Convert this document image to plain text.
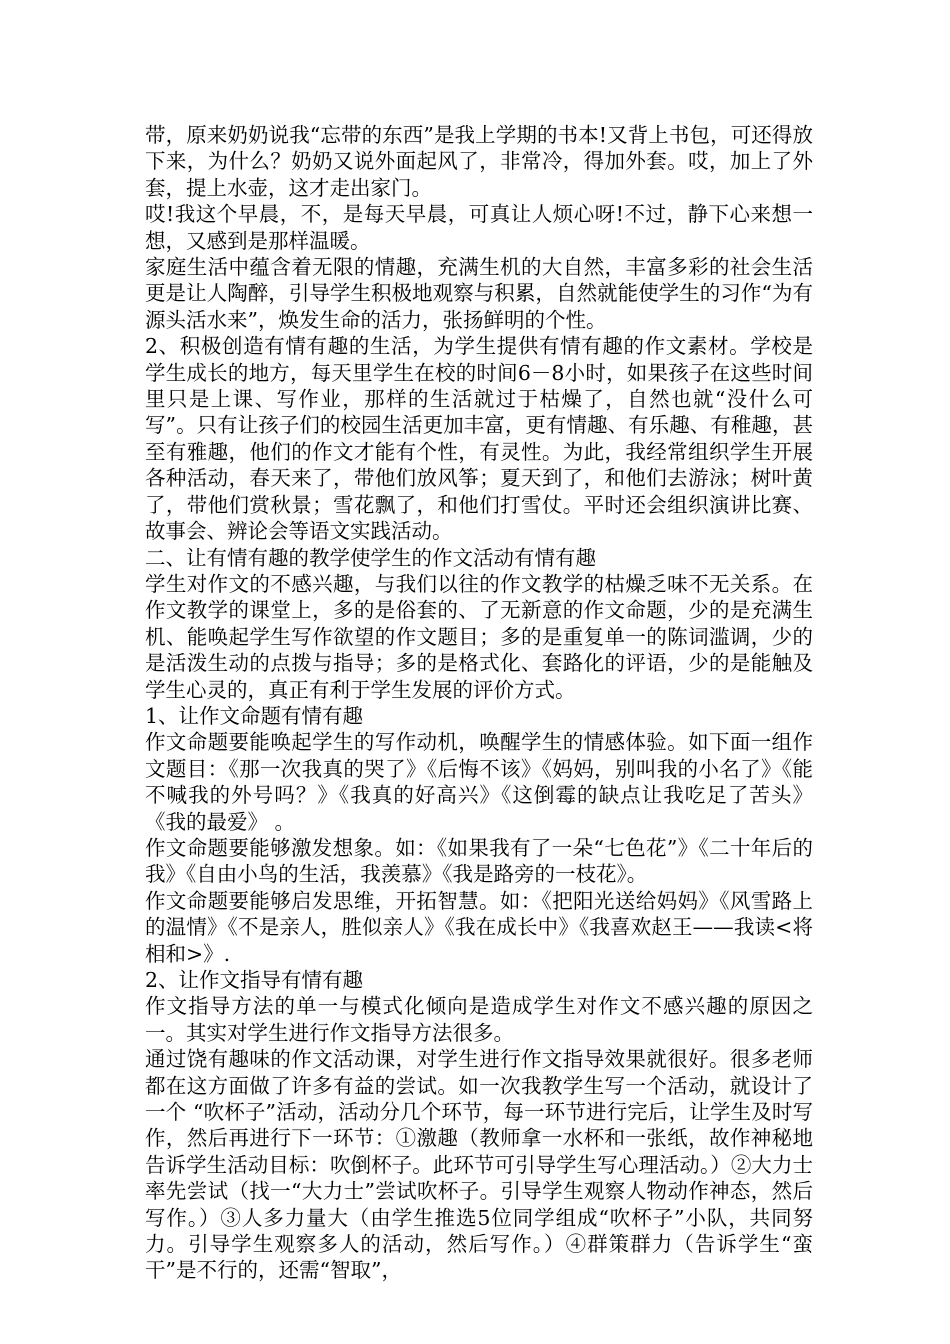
带，原来奶奶说我“忘带的东西”是我上学期的书本!又背上书包，可还得放下来，为什么？奶奶又说外面起风了，非常冷，得加外套。哎，加上了外套，提上水壶，这才走出家门。

哎!我这个早晨，不，是每天早晨，可真让人烦心呀!不过，静下心来想一想，又感到是那样温暖。

家庭生活中蕴含着无限的情趣，充满生机的大自然，丰富多彩的社会生活更是让人陶醉，引导学生积极地观察与积累，自然就能使学生的习作“为有源头活水来”，焕发生命的活力，张扬鲜明的个性。

2、积极创造有情有趣的生活，为学生提供有情有趣的作文素材。学校是学生成长的地方，每天里学生在校的时间6－8小时，如果孩子在这些时间里只是上课、写作业，那样的生活就过于枯燥了，自然也就“没什么可写”。只有让孩子们的校园生活更加丰富，更有情趣、有乐趣、有稚趣，甚至有雅趣，他们的作文才能有个性，有灵性。为此，我经常组织学生开展各种活动，春天来了，带他们放风筝；夏天到了，和他们去游泳；树叶黄了，带他们赏秋景；雪花飘了，和他们打雪仗。平时还会组织演讲比赛、故事会、辨论会等语文实践活动。

二、让有情有趣的教学使学生的作文活动有情有趣

学生对作文的不感兴趣，与我们以往的作文教学的枯燥乏味不无关系。在作文教学的课堂上，多的是俗套的、了无新意的作文命题，少的是充满生机、能唤起学生写作欲望的作文题目；多的是重复单一的陈词滥调，少的是活泼生动的点拨与指导；多的是格式化、套路化的评语，少的是能触及学生心灵的，真正有利于学生发展的评价方式。

1、让作文命题有情有趣

作文命题要能唤起学生的写作动机，唤醒学生的情感体验。如下面一组作文题目：《那一次我真的哭了》《后悔不该》《妈妈，别叫我的小名了》《能不喊我的外号吗？》《我真的好高兴》《这倒霉的缺点让我吃足了苦头》 《我的最爱》 。

作文命题要能够激发想象。如：《如果我有了一朵“七色花”》《二十年后的我》《自由小鸟的生活，我羡慕》《我是路旁的一枝花》。

作文命题要能够启发思维，开拓智慧。如：《把阳光送给妈妈》《风雪路上的温情》《不是亲人，胜似亲人》《我在成长中》《我喜欢赵王——我读<将相和>》.

2、让作文指导有情有趣

作文指导方法的单一与模式化倾向是造成学生对作文不感兴趣的原因之一。其实对学生进行作文指导方法很多。

通过饶有趣味的作文活动课，对学生进行作文指导效果就很好。很多老师都在这方面做了许多有益的尝试。如一次我教学生写一个活动，就设计了一个 “吹杯子”活动，活动分几个环节，每一环节进行完后，让学生及时写作，然后再进行下一环节：①激趣（教师拿一水杯和一张纸，故作神秘地告诉学生活动目标：吹倒杯子。此环节可引导学生写心理活动。）②大力士率先尝试（找一“大力士”尝试吹杯子。引导学生观察人物动作神态，然后写作。）③人多力量大（由学生推选5位同学组成“吹杯子”小队，共同努力。引导学生观察多人的活动，然后写作。）④群策群力（告诉学生“蛮干”是不行的，还需“智取”，
